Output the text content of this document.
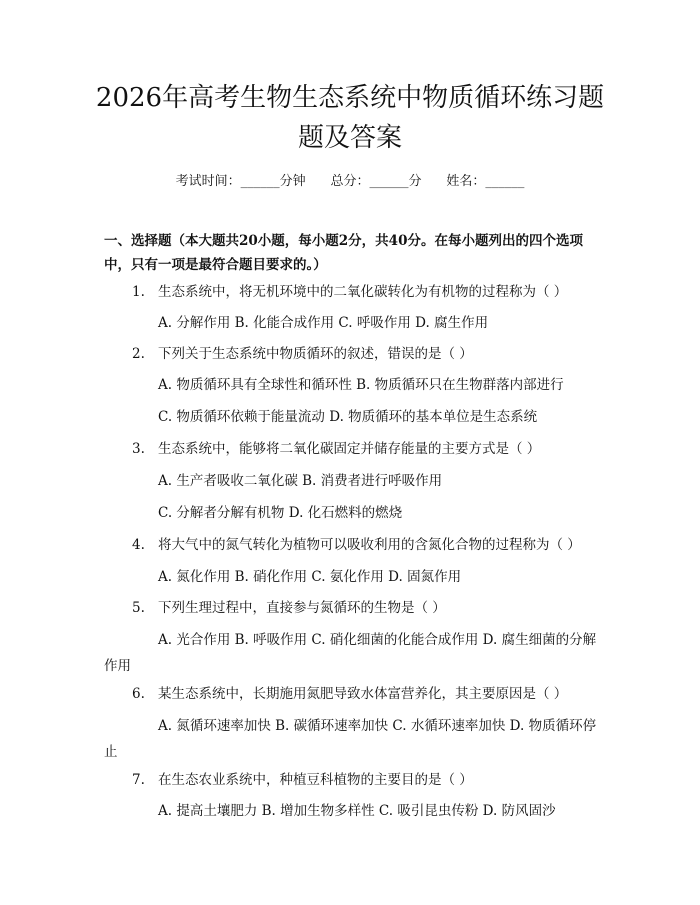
2026年高考生物生态系统中物质循环练习题
题及答案
考试时间：______分钟 总分：______分 姓名：______

一、选择题（本大题共20小题，每小题2分，共40分。在每小题列出的四个选项中，只有一项是最符合题目要求的。）

1. 生态系统中，将无机环境中的二氧化碳转化为有机物的过程称为（ ）
A. 分解作用 B. 化能合成作用 C. 呼吸作用 D. 腐生作用
2. 下列关于生态系统中物质循环的叙述，错误的是（ ）
A. 物质循环具有全球性和循环性 B. 物质循环只在生物群落内部进行
C. 物质循环依赖于能量流动 D. 物质循环的基本单位是生态系统
3. 生态系统中，能够将二氧化碳固定并储存能量的主要方式是（ ）
A. 生产者吸收二氧化碳 B. 消费者进行呼吸作用
C. 分解者分解有机物 D. 化石燃料的燃烧
4. 将大气中的氮气转化为植物可以吸收利用的含氮化合物的过程称为（ ）
A. 氮化作用 B. 硝化作用 C. 氨化作用 D. 固氮作用
5. 下列生理过程中，直接参与氮循环的生物是（ ）
A. 光合作用 B. 呼吸作用 C. 硝化细菌的化能合成作用 D. 腐生细菌的分解作用
6. 某生态系统中，长期施用氮肥导致水体富营养化，其主要原因是（ ）
A. 氮循环速率加快 B. 碳循环速率加快 C. 水循环速率加快 D. 物质循环停止
7. 在生态农业系统中，种植豆科植物的主要目的是（ ）
A. 提高土壤肥力 B. 增加生物多样性 C. 吸引昆虫传粉 D. 防风固沙
